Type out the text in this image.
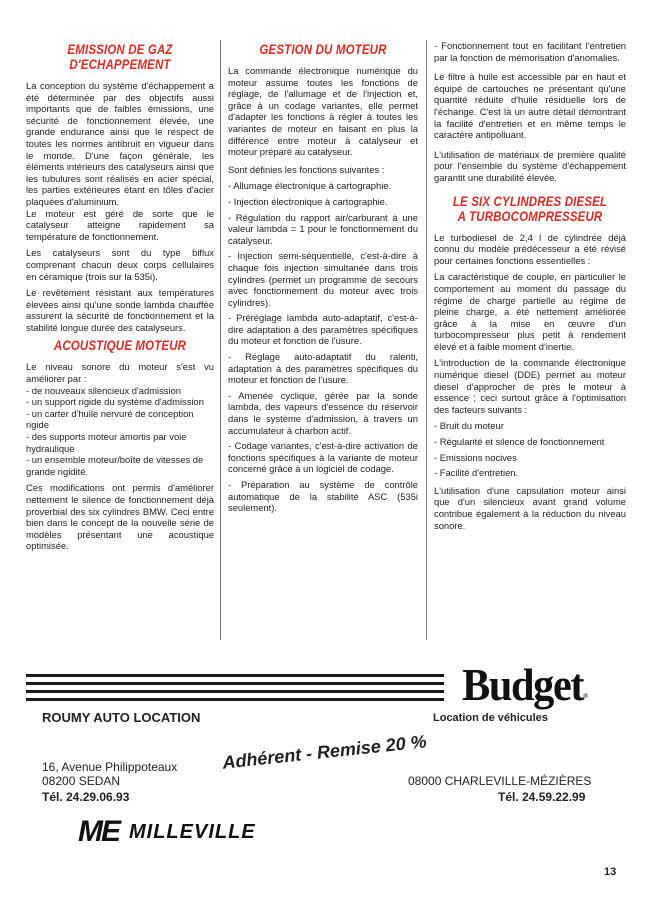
EMISSION DE GAZ D'ECHAPPEMENT

La conception du système d'échappement a été déterminée par des objectifs aussi importants que de faibles émissions, une sécurité de fonctionnement élevée, une grande endurance ainsi que le respect de toutes les normes antibruit en vigueur dans le monde. D'une façon générale, les éléments intérieurs des catalyseurs ainsi que les tubulures sont réalisés en acier spécial, les parties extérieures étant en tôles d'acier plaquées d'aluminium.

Le moteur est géré de sorte que le catalyseur atteigne rapidement sa température de fonctionnement.

Les catalyseurs sont du type biflux comprenant chacun deux corps cellulaires en céramique (trois sur la 535i).

Le revêtement résistant aux températures élevées ainsi qu'une sonde lambda chauffée assurent la sécurité de fonctionnement et la stabilité longue durée des catalyseurs.

ACOUSTIQUE MOTEUR

Le niveau sonore du moteur s'est vu améliorer par :

- de nouveaux silencieux d'admission
- un support rigide du système d'admission
- un carter d'huile nervuré de conception rigide
- des supports moteur amortis par voie hydraulique
- un ensemble moteur/boîte de vitesses de grande rigidité.

Ces modifications ont permis d'améliorer nettement le silence de fonctionnement déjà proverbial des six cylindres BMW. Ceci entre bien dans le concept de la nouvelle série de modèles présentant une acoustique optimisée.

GESTION DU MOTEUR

La commande électronique numérique du moteur assume toutes les fonctions de réglage, de l'allumage et de l'injection et, grâce à un codage variantes, elle permet d'adapter les fonctions à régler à toutes les variantes de moteur en faisant en plus la différence entre moteur à catalyseur et moteur préparé au catalyseur.

Sont définies les fonctions suivantes :

- Allumage électronique à cartographie.
- Injection électronique à cartographie.
- Régulation du rapport air/carburant à une valeur lambda = 1 pour le fonctionnement du catalyseur.
- Injection semi-séquentielle, c'est-à-dire à chaque fois injection simultanée dans trois cylindres (permet un programme de secours avec fonctionnement du moteur avec trois cylindres).
- Préréglage lambda auto-adaptatif, c'est-à-dire adaptation à des paramètres spécifiques du moteur et fonction de l'usure.
- Réglage auto-adaptatif du ralenti, adaptation à des paramètres spécifiques du moteur et fonction de l'usure.
- Amenée cyclique, gérée par la sonde lambda, des vapeurs d'essence du réservoir dans le système d'admission, à travers un accumulateur à charbon actif.
- Codage variantes, c'est-à-dire activation de fonctions spécifiques à la variante de moteur concerné grâce à un logiciel de codage.
- Préparation au système de contrôle automatique de la stabilité ASC (535i seulement).

- Fonctionnement tout en facilitant l'entretien par la fonction de mémorisation d'anomalies.

Le filtre à huile est accessible par en haut et équipé de cartouches ne présentant qu'une quantité réduite d'huile résiduelle lors de l'échange. C'est là un autre détail démontrant la facilité d'entretien et en même temps le caractère antipolluant.

L'utilisation de matériaux de première qualité pour l'ensemble du système d'échappement garantit une durabilité élevée.

LE SIX CYLINDRES DIESEL A TURBOCOMPRESSEUR

Le turbodiesel de 2,4 l de cylindrée déjà connu du modèle prédécesseur a été révisé pour certaines fonctions essentielles :

La caractéristique de couple, en particulier le comportement au moment du passage du régime de charge partielle au régime de pleine charge, a été nettement améliorée grâce à la mise en œuvre d'un turbocompresseur plus petit à rendement élevé et à faible moment d'inertie.

L'introduction de la commande électronique numérique diesel (DDE) permet au moteur diesel d'approcher de près le moteur à essence ; ceci surtout grâce à l'optimisation des facteurs suivants :

- Bruit du moteur
- Régularité et silence de fonctionnement
- Emissions nocives
- Facilité d'entretien.

L'utilisation d'une capsulation moteur ainsi que d'un silencieux avant grand volume contribue également à la réduction du niveau sonore.

Budget®
ROUMY AUTO LOCATION	Location de véhicules
16, Avenue Philippoteaux
08200 SEDAN
Tél. 24.29.06.93
Adhérent - Remise 20 %
08000 CHARLEVILLE-MÉZIÈRES
Tél. 24.59.22.99
ME MILLEVILLE
13
